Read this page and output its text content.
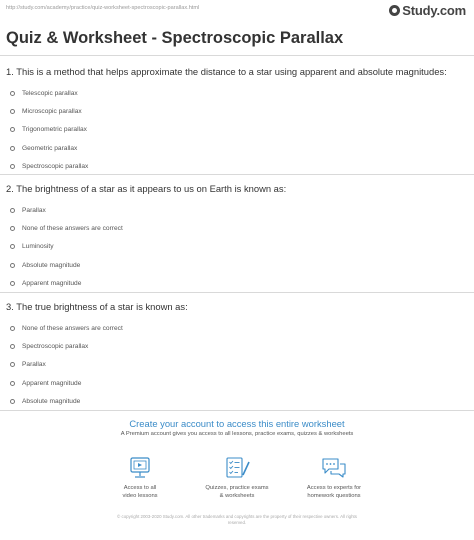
http://study.com/academy/practice/quiz-worksheet-spectroscopic-parallax.html	Study.com
Quiz & Worksheet - Spectroscopic Parallax
1. This is a method that helps approximate the distance to a star using apparent and absolute magnitudes:
Telescopic parallax
Microscopic parallax
Trigonometric parallax
Geometric parallax
Spectroscopic parallax
2. The brightness of a star as it appears to us on Earth is known as:
Parallax
None of these answers are correct
Luminosity
Absolute magnitude
Apparent magnitude
3. The true brightness of a star is known as:
None of these answers are correct
Spectroscopic parallax
Parallax
Apparent magnitude
Absolute magnitude
Create your account to access this entire worksheet
A Premium account gives you access to all lessons, practice exams, quizzes & worksheets
Access to all
video lessons
Quizzes, practice exams
& worksheets
Access to experts for
homework questions
© copyright 2003-2020 Study.com. All other trademarks and copyrights are the property of their respective owners. All rights
reserved.
